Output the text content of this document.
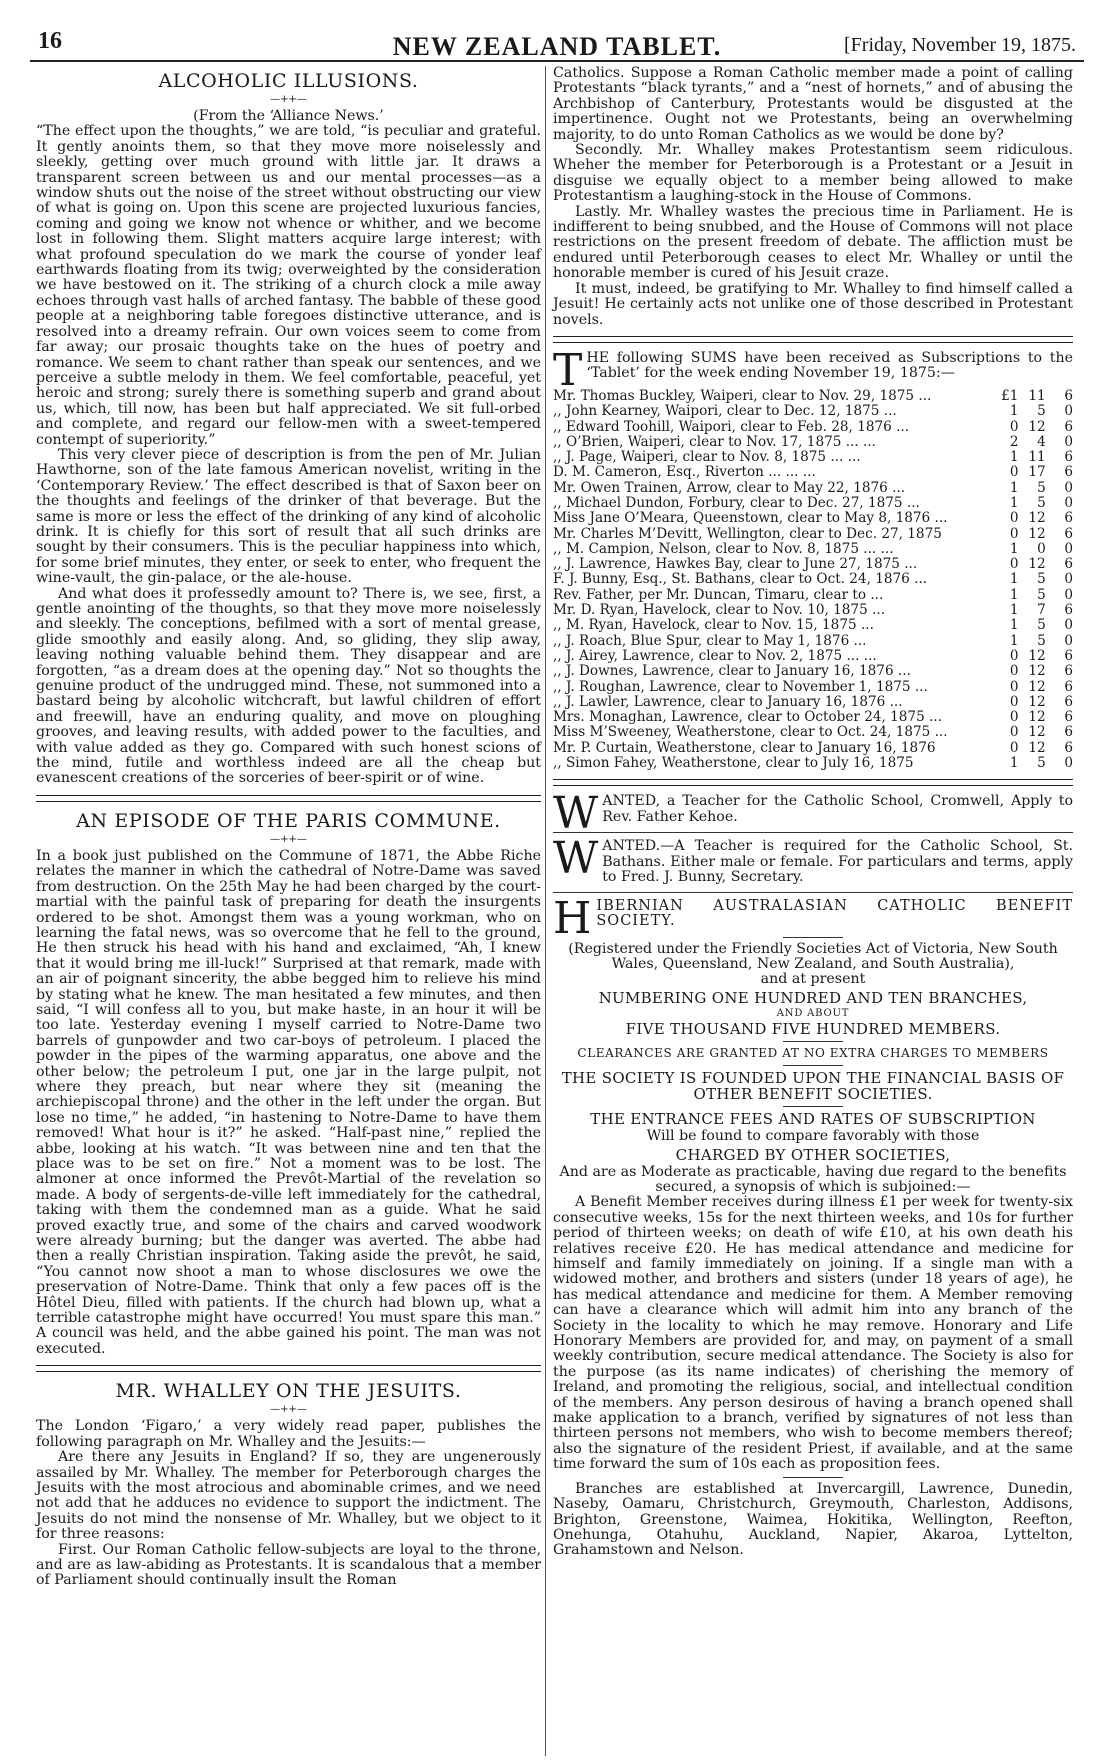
16	NEW ZEALAND TABLET.	[Friday, November 19, 1875.
ALCOHOLIC ILLUSIONS.
—++—

(From the ‘Alliance News.’

“The effect upon the thoughts,” we are told, “is peculiar and grateful. It gently anoints them, so that they move more noiselessly and sleekly, getting over much ground with little jar. It draws a transparent screen between us and our mental processes—as a window shuts out the noise of the street without obstructing our view of what is going on. Upon this scene are projected luxurious fancies, coming and going we know not whence or whither, and we become lost in following them. Slight matters acquire large interest; with what profound speculation do we mark the course of yonder leaf earthwards floating from its twig; overweighted by the consideration we have bestowed on it. The striking of a church clock a mile away echoes through vast halls of arched fantasy. The babble of these good people at a neighboring table foregoes distinctive utterance, and is resolved into a dreamy refrain. Our own voices seem to come from far away; our prosaic thoughts take on the hues of poetry and romance. We seem to chant rather than speak our sentences, and we perceive a subtle melody in them. We feel comfortable, peaceful, yet heroic and strong; surely there is something superb and grand about us, which, till now, has been but half appreciated. We sit full-orbed and complete, and regard our fellow-men with a sweet-tempered contempt of superiority.”

This very clever piece of description is from the pen of Mr. Julian Hawthorne, son of the late famous American novelist, writing in the ‘Contemporary Review.’ The effect described is that of Saxon beer on the thoughts and feelings of the drinker of that beverage. But the same is more or less the effect of the drinking of any kind of alcoholic drink. It is chiefly for this sort of result that all such drinks are sought by their consumers. This is the peculiar happiness into which, for some brief minutes, they enter, or seek to enter, who frequent the wine-vault, the gin-palace, or the ale-house.

And what does it professedly amount to? There is, we see, first, a gentle anointing of the thoughts, so that they move more noiselessly and sleekly. The conceptions, befilmed with a sort of mental grease, glide smoothly and easily along. And, so gliding, they slip away, leaving nothing valuable behind them. They disappear and are forgotten, “as a dream does at the opening day.” Not so thoughts the genuine product of the undrugged mind. These, not summoned into a bastard being by alcoholic witchcraft, but lawful children of effort and freewill, have an enduring quality, and move on ploughing grooves, and leaving results, with added power to the faculties, and with value added as they go. Compared with such honest scions of the mind, futile and worthless indeed are all the cheap but evanescent creations of the sorceries of beer-spirit or of wine.

AN EPISODE OF THE PARIS COMMUNE.
—++—

In a book just published on the Commune of 1871, the Abbe Riche relates the manner in which the cathedral of Notre-Dame was saved from destruction. On the 25th May he had been charged by the court-martial with the painful task of preparing for death the insurgents ordered to be shot. Amongst them was a young workman, who on learning the fatal news, was so overcome that he fell to the ground, He then struck his head with his hand and exclaimed, “Ah, I knew that it would bring me ill-luck!” Surprised at that remark, made with an air of poignant sincerity, the abbe begged him to relieve his mind by stating what he knew. The man hesitated a few minutes, and then said, “I will confess all to you, but make haste, in an hour it will be too late. Yesterday evening I myself carried to Notre-Dame two barrels of gunpowder and two car-boys of petroleum. I placed the powder in the pipes of the warming apparatus, one above and the other below; the petroleum I put, one jar in the large pulpit, not where they preach, but near where they sit (meaning the archiepiscopal throne) and the other in the left under the organ. But lose no time,” he added, “in hastening to Notre-Dame to have them removed! What hour is it?” he asked. “Half-past nine,” replied the abbe, looking at his watch. “It was between nine and ten that the place was to be set on fire.” Not a moment was to be lost. The almoner at once informed the Prevôt-Martial of the revelation so made. A body of sergents-de-ville left immediately for the cathedral, taking with them the condemned man as a guide. What he said proved exactly true, and some of the chairs and carved woodwork were already burning; but the danger was averted. The abbe had then a really Christian inspiration. Taking aside the prevôt, he said, “You cannot now shoot a man to whose disclosures we owe the preservation of Notre-Dame. Think that only a few paces off is the Hôtel Dieu, filled with patients. If the church had blown up, what a terrible catastrophe might have occurred! You must spare this man.” A council was held, and the abbe gained his point. The man was not executed.

MR. WHALLEY ON THE JESUITS.
—++—

The London ‘Figaro,’ a very widely read paper, publishes the following paragraph on Mr. Whalley and the Jesuits:—

Are there any Jesuits in England? If so, they are ungenerously assailed by Mr. Whalley. The member for Peterborough charges the Jesuits with the most atrocious and abominable crimes, and we need not add that he adduces no evidence to support the indictment. The Jesuits do not mind the nonsense of Mr. Whalley, but we object to it for three reasons:

First. Our Roman Catholic fellow-subjects are loyal to the throne, and are as law-abiding as Protestants. It is scandalous that a member of Parliament should continually insult the Roman

Catholics. Suppose a Roman Catholic member made a point of calling Protestants “black tyrants,” and a “nest of hornets,” and of abusing the Archbishop of Canterbury, Protestants would be disgusted at the impertinence. Ought not we Protestants, being an overwhelming majority, to do unto Roman Catholics as we would be done by?

Secondly. Mr. Whalley makes Protestantism seem ridiculous. Wheher the member for Peterborough is a Protestant or a Jesuit in disguise we equally object to a member being allowed to make Protestantism a laughing-stock in the House of Commons.

Lastly. Mr. Whalley wastes the precious time in Parliament. He is indifferent to being snubbed, and the House of Commons will not place restrictions on the present freedom of debate. The affliction must be endured until Peterborough ceases to elect Mr. Whalley or until the honorable member is cured of his Jesuit craze.

It must, indeed, be gratifying to Mr. Whalley to find himself called a Jesuit! He certainly acts not unlike one of those described in Protestant novels.

T HE following SUMS have been received as Subscriptions to the ‘Tablet’ for the week ending November 19, 1875:—

Mr. Thomas Buckley, Waiperi, clear to Nov. 29, 1875 ...	£1	11	6
,, John Kearney, Waipori, clear to Dec. 12, 1875 ...	1	5	0
,, Edward Toohill, Waipori, clear to Feb. 28, 1876 ...	0	12	6
,, O’Brien, Waiperi, clear to Nov. 17, 1875 ... ...	2	4	0
,, J. Page, Waiperi, clear to Nov. 8, 1875 ... ...	1	11	6
D. M. Cameron, Esq., Riverton ... ... ...	0	17	6
Mr. Owen Trainen, Arrow, clear to May 22, 1876 ...	1	5	0
,, Michael Dundon, Forbury, clear to Dec. 27, 1875 ...	1	5	0
Miss Jane O’Meara, Queenstown, clear to May 8, 1876 ...	0	12	6
Mr. Charles M’Devitt, Wellington, clear to Dec. 27, 1875	0	12	6
,, M. Campion, Nelson, clear to Nov. 8, 1875 ... ...	1	0	0
,, J. Lawrence, Hawkes Bay, clear to June 27, 1875 ...	0	12	6
F. J. Bunny, Esq., St. Bathans, clear to Oct. 24, 1876 ...	1	5	0
Rev. Father, per Mr. Duncan, Timaru, clear to ...	1	5	0
Mr. D. Ryan, Havelock, clear to Nov. 10, 1875 ...	1	7	6
,, M. Ryan, Havelock, clear to Nov. 15, 1875 ...	1	5	0
,, J. Roach, Blue Spur, clear to May 1, 1876 ...	1	5	0
,, J. Airey, Lawrence, clear to Nov. 2, 1875 ... ...	0	12	6
,, J. Downes, Lawrence, clear to January 16, 1876 ...	0	12	6
,, J. Roughan, Lawrence, clear to November 1, 1875 ...	0	12	6
,, J. Lawler, Lawrence, clear to January 16, 1876 ...	0	12	6
Mrs. Monaghan, Lawrence, clear to October 24, 1875 ...	0	12	6
Miss M’Sweeney, Weatherstone, clear to Oct. 24, 1875 ...	0	12	6
Mr. P. Curtain, Weatherstone, clear to January 16, 1876	0	12	6
,, Simon Fahey, Weatherstone, clear to July 16, 1875	1	5	0

W ANTED, a Teacher for the Catholic School, Cromwell, Apply to Rev. Father Kehoe.

W ANTED.—A Teacher is required for the Catholic School, St. Bathans. Either male or female. For particulars and terms, apply to Fred. J. Bunny, Secretary.

H IBERNIAN AUSTRALASIAN CATHOLIC BENEFIT SOCIETY.

(Registered under the Friendly Societies Act of Victoria, New South Wales, Queensland, New Zealand, and South Australia),

and at present

NUMBERING ONE HUNDRED AND TEN BRANCHES,

AND ABOUT

FIVE THOUSAND FIVE HUNDRED MEMBERS.

CLEARANCES ARE GRANTED AT NO EXTRA CHARGES TO MEMBERS

THE SOCIETY IS FOUNDED UPON THE FINANCIAL BASIS OF OTHER BENEFIT SOCIETIES.

THE ENTRANCE FEES AND RATES OF SUBSCRIPTION

Will be found to compare favorably with those

CHARGED BY OTHER SOCIETIES,

And are as Moderate as practicable, having due regard to the benefits secured, a synopsis of which is subjoined:—

A Benefit Member receives during illness £1 per week for twenty-six consecutive weeks, 15s for the next thirteen weeks, and 10s for further period of thirteen weeks; on death of wife £10, at his own death his relatives receive £20. He has medical attendance and medicine for himself and family immediately on joining. If a single man with a widowed mother, and brothers and sisters (under 18 years of age), he has medical attendance and medicine for them. A Member removing can have a clearance which will admit him into any branch of the Society in the locality to which he may remove. Honorary and Life Honorary Members are provided for, and may, on payment of a small weekly contribution, secure medical attendance. The Society is also for the purpose (as its name indicates) of cherishing the memory of Ireland, and promoting the religious, social, and intellectual condition of the members. Any person desirous of having a branch opened shall make application to a branch, verified by signatures of not less than thirteen persons not members, who wish to become members thereof; also the signature of the resident Priest, if available, and at the same time forward the sum of 10s each as proposition fees.

Branches are established at Invercargill, Lawrence, Dunedin, Naseby, Oamaru, Christchurch, Greymouth, Charleston, Addisons, Brighton, Greenstone, Waimea, Hokitika, Wellington, Reefton, Onehunga, Otahuhu, Auckland, Napier, Akaroa, Lyttelton, Grahamstown and Nelson.
